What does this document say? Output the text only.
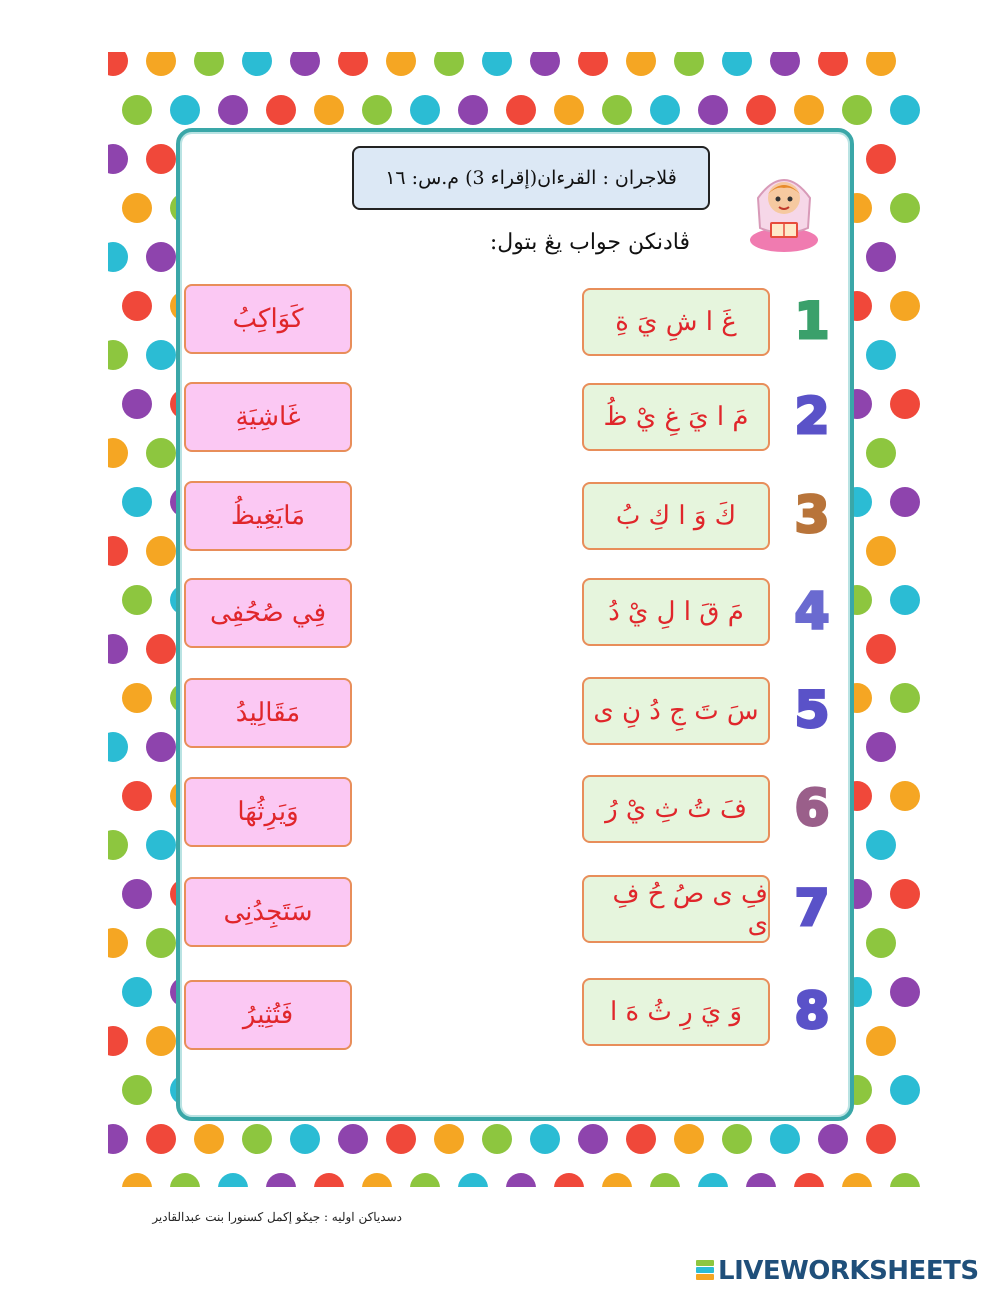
ڤلاجران : القرءان(إقراء 3) م.س: ١٦
ڤادنكن جواب يڠ بتول:
1
غَ ا شِ يَ ةِ
2
مَ ا يَ غِ يْ ظُ
3
كَ وَ ا كِ بُ
4
مَ قَ ا لِ يْ دُ
5
سَ تَ جِ دُ نِ ى
6
فَ تُ ثِ يْ رُ
7
فِ ى صُ حُ فِ ى
8
وَ يَ رِ ثُ هَ ا
كَوَاكِبُ
غَاشِيَةِ
مَايَغِيظُ
فِي صُحُفِى
مَقَالِيدُ
وَيَرِثُهَا
سَتَجِدُنِى
فَتُثِيرُ
دسدياكن اوليه : جيݢو إكمل كسنورا بنت عبدالقادير
LIVEWORKSHEETS
